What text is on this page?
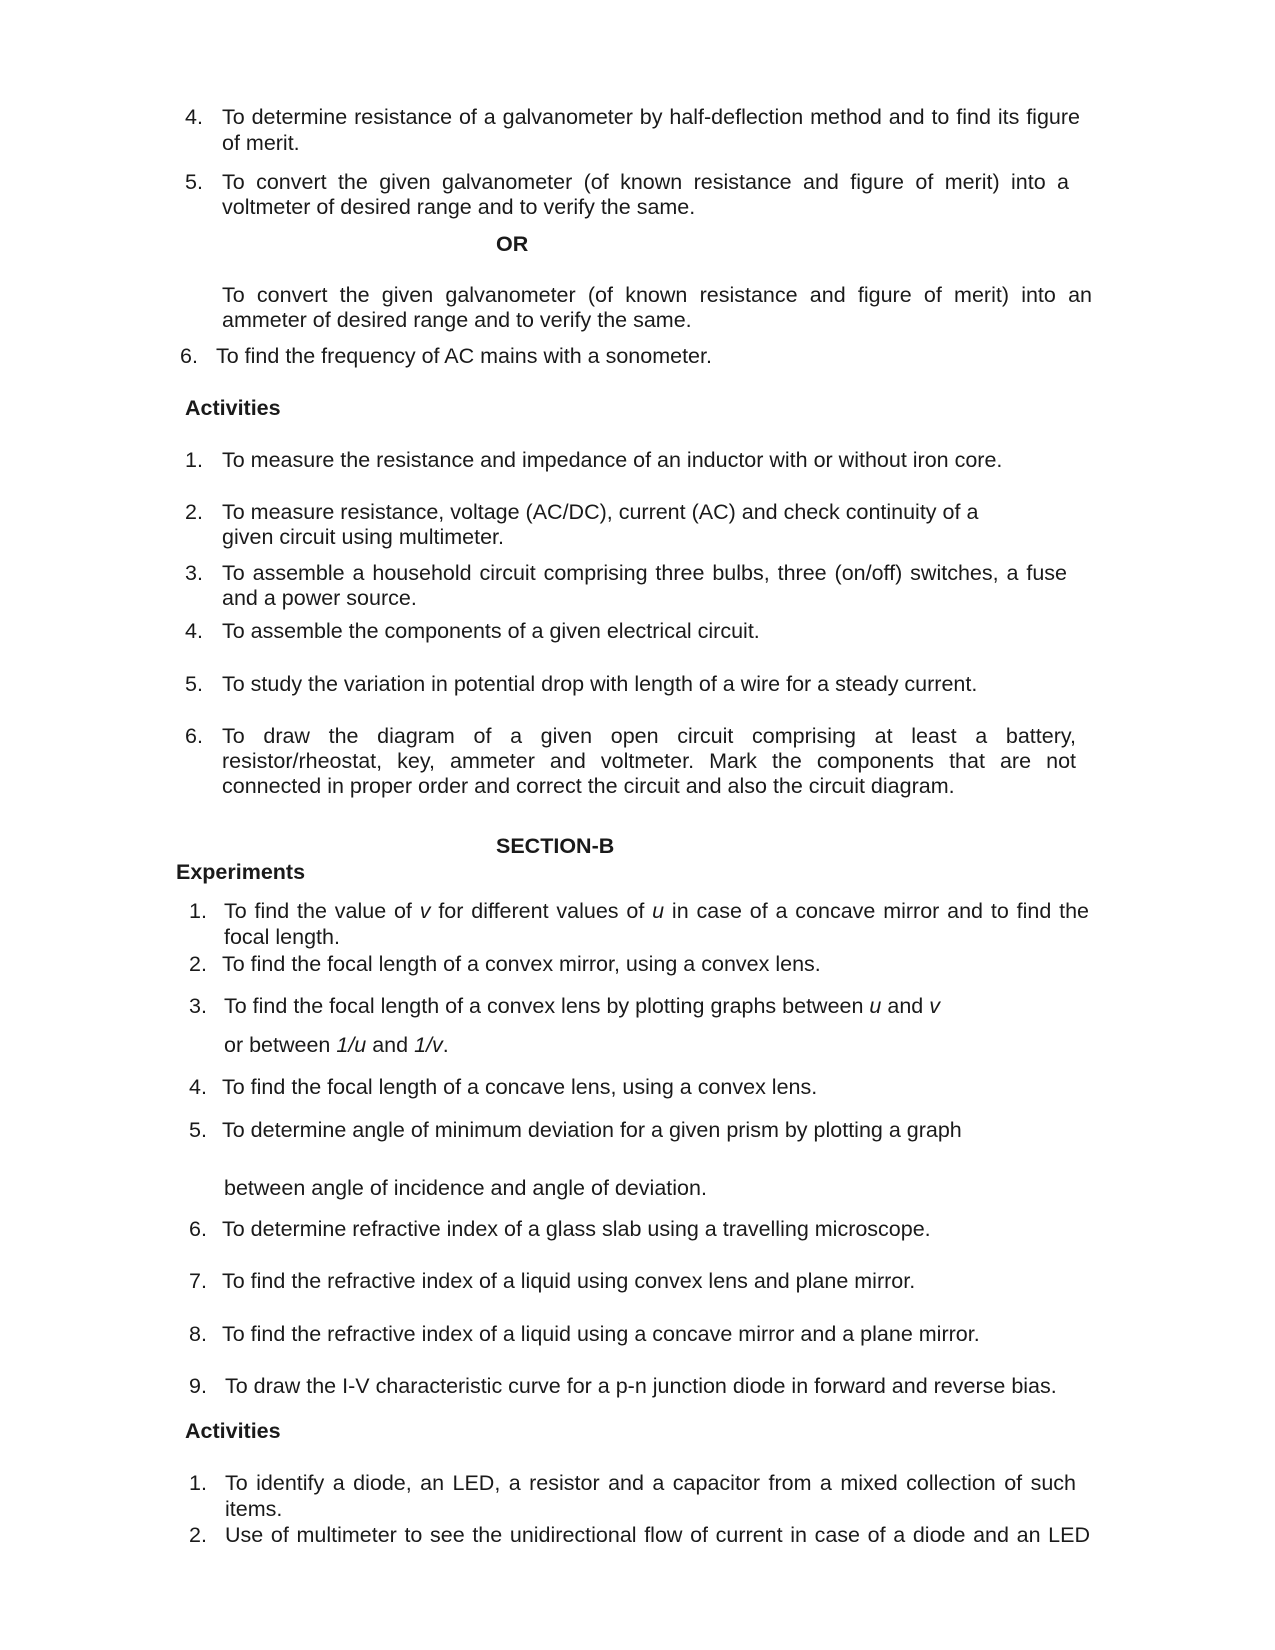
4. To determine resistance of a galvanometer by half-deflection method and to find its figure
of merit.
5. To convert the given galvanometer (of known resistance and figure of merit) into a
voltmeter of desired range and to verify the same.
OR
To convert the given galvanometer (of known resistance and figure of merit) into an
ammeter of desired range and to verify the same.
6. To find the frequency of AC mains with a sonometer.
Activities
1. To measure the resistance and impedance of an inductor with or without iron core.
2. To measure resistance, voltage (AC/DC), current (AC) and check continuity of a
given circuit using multimeter.
3. To assemble a household circuit comprising three bulbs, three (on/off) switches, a fuse
and a power source.
4. To assemble the components of a given electrical circuit.
5. To study the variation in potential drop with length of a wire for a steady current.
6. To draw the diagram of a given open circuit comprising at least a battery,
resistor/rheostat, key, ammeter and voltmeter. Mark the components that are not
connected in proper order and correct the circuit and also the circuit diagram.
SECTION-B
Experiments
1. To find the value of v for different values of u in case of a concave mirror and to find the
focal length.
2. To find the focal length of a convex mirror, using a convex lens.
3. To find the focal length of a convex lens by plotting graphs between u and v
or between 1/u and 1/v.
4. To find the focal length of a concave lens, using a convex lens.
5. To determine angle of minimum deviation for a given prism by plotting a graph
between angle of incidence and angle of deviation.
6. To determine refractive index of a glass slab using a travelling microscope.
7. To find the refractive index of a liquid using convex lens and plane mirror.
8. To find the refractive index of a liquid using a concave mirror and a plane mirror.
9. To draw the I-V characteristic curve for a p-n junction diode in forward and reverse bias.
Activities
1. To identify a diode, an LED, a resistor and a capacitor from a mixed collection of such
items.
2. Use of multimeter to see the unidirectional flow of current in case of a diode and an LED
